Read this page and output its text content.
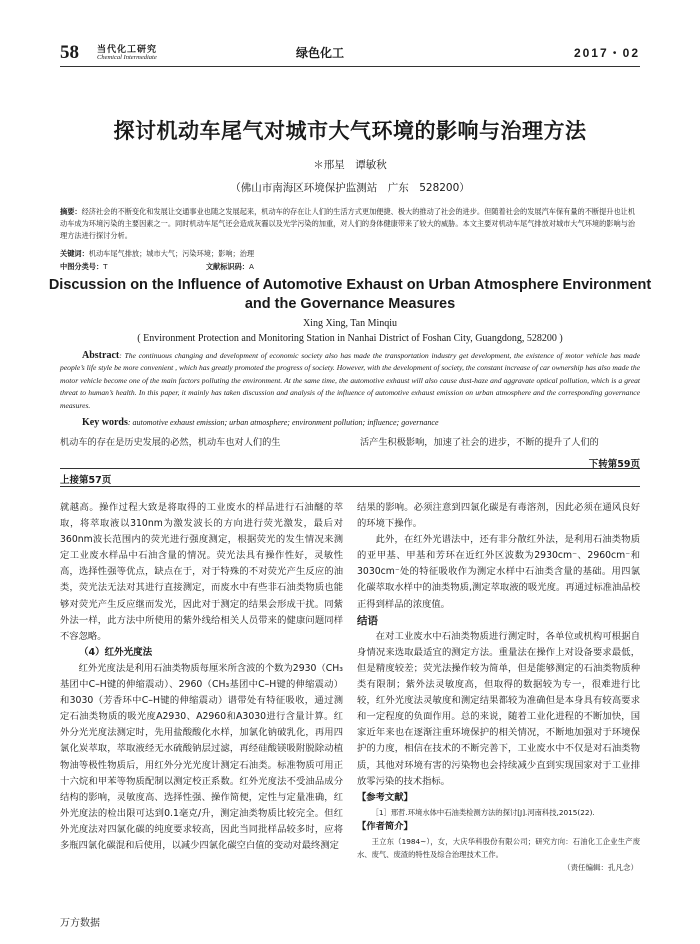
58 当代化工研究
Chemical Intermediate	绿色化工	2017・02
探讨机动车尾气对城市大气环境的影响与治理方法
＊邢星　谭敏秋
（佛山市南海区环境保护监测站　广东　528200）
摘要：经济社会的不断变化和发展让交通事业也随之发展起来，机动车的存在让人们的生活方式更加便捷、极大的推动了社会的进步。但随着社会的发展汽车保有量的不断提升也让机动车成为环境污染的主要因素之一。同时机动车尾气还会造成灰霾以及光学污染的加重，对人们的身体健康带来了较大的威胁。本文主要对机动车尾气排放对城市大气环境的影响与治理方法进行探讨分析。
关键词：机动车尾气排放；城市大气；污染环境；影响；治理
中图分类号：T	文献标识码：A
Discussion on the Influence of Automotive Exhaust on Urban Atmosphere Environment and the Governance Measures
Xing Xing, Tan Minqiu
( Environment Protection and Monitoring Station in Nanhai District of Foshan City, Guangdong, 528200 )
Abstract: The continuous changing and development of economic society also has made the transportation industry get development, the existence of motor vehicle has made people’s life style be more convenient , which has greatly promoted the progress of society. However, with the development of society, the constant increase of car ownership has also made the motor vehicle become one of the main factors polluting the environment. At the same time, the automotive exhaust will also cause dust-haze and aggravate optical pollution, which is a great threat to human’s health. In this paper, it mainly has taken discussion and analysis of the influence of automotive exhaust emission on urban atmosphere and the corresponding governance measures.
Key words: automotive exhaust emission; urban atmosphere; environment pollution; influence; governance
机动车的存在是历史发展的必然，机动车也对人们的生	活产生积极影响，加速了社会的进步，不断的提升了人们的
下转第59页
上接第57页

就越高。操作过程大致是将取得的工业废水的样品进行石油醚的萃取，将萃取液以310nm为激发波长的方向进行荧光激发，最后对360nm波长范围内的荧光进行强度测定，根据荧光的发生情况来测定工业废水样品中石油含量的情况。荧光法具有操作性好，灵敏性高，选择性强等优点，缺点在于，对于特殊的不对荧光产生反应的油类，荧光法无法对其进行直接测定，而废水中有些非石油类物质也能够对荧光产生反应继而发光，因此对于测定的结果会形成干扰。同紫外法一样，此方法中所使用的紫外线给相关人员带来的健康问题同样不容忽略。

（4）红外光度法

红外光度法是利用石油类物质每厘米所含波的个数为2930（CH₃基团中C–H键的伸缩震动）、2960（CH₃基团中C–H键的伸缩震动）和3030（芳香环中C–H键的伸缩震动）谱带处有特征吸收，通过测定石油类物质的吸光度A2930、A2960和A3030进行含量计算。红外分光光度法测定时，先用盐酸酸化水样，加氯化钠破乳化，再用四氯化炭萃取，萃取液经无水硫酸钠层过滤，再经硅酸镁吸附脱除动植物油等极性物质后，用红外分光光度计测定石油类。标准物质可用正十六烷和甲苯等物质配制以测定校正系数。红外光度法不受油品成分结构的影响，灵敏度高、选择性强、操作简便，定性与定量准确，红外光度法的检出限可达到0.1毫克/升，测定油类物质比较完全。但红外光度法对四氯化碳的纯度要求较高，因此当同批样品较多时，应将多瓶四氯化碳混和后使用，以减少四氯化碳空白值的变动对最终测定

结果的影响。必须注意到四氯化碳是有毒溶剂，因此必须在通风良好的环境下操作。

此外，在红外光谱法中，还有非分散红外法，是利用石油类物质的亚甲基、甲基和芳环在近红外区波数为2930cm⁻、2960cm⁻和3030cm⁻处的特征吸收作为测定水样中石油类含量的基础。用四氯化碳萃取水样中的油类物质,测定萃取液的吸光度。再通过标准油品校正得到样品的浓度值。

结语

在对工业废水中石油类物质进行测定时，各单位或机构可根据自身情况来选取最适宜的测定方法。重量法在操作上对设备要求最低，但是精度较差；荧光法操作较为简单，但是能够测定的石油类物质种类有限制；紫外法灵敏度高，但取得的数据较为专一，很难进行比较，红外光度法灵敏度和测定结果都较为准确但是本身具有较高要求和一定程度的负面作用。总的来说，随着工业化进程的不断加快，国家近年来也在逐渐注重环境保护的相关情况，不断地加强对于环境保护的力度，相信在技术的不断完善下，工业废水中不仅是对石油类物质，其他对环境有害的污染物也会持续减少直到实现国家对于工业排放零污染的技术指标。

【参考文献】

［1］邢哲.环境水体中石油类检测方法的探讨[J].河南科技,2015(22).

【作者简介】

王立东（1984~），女，大庆华科股份有限公司；研究方向：石油化工企业生产废水、废气、废渣的特性及综合治理技术工作。

（责任编辑：孔凡念）

万方数据
